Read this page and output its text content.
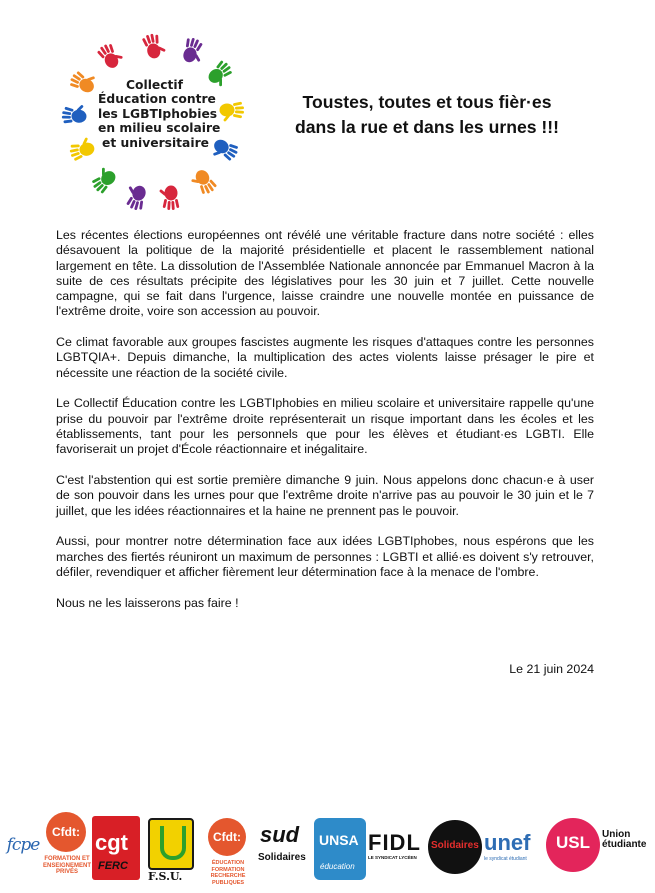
Collectif
Éducation contre
les LGBTIphobies
en milieu scolaire
et universitaire
Toustes, toutes et tous fièr·es
dans la rue et dans les urnes !!!

Les récentes élections européennes ont révélé une véritable fracture dans notre société : elles désavouent la politique de la majorité présidentielle et placent le rassemblement national largement en tête. La dissolution de l'Assemblée Nationale annoncée par Emmanuel Macron à la suite de ces résultats précipite des législatives pour les 30 juin et 7 juillet. Cette nouvelle campagne, qui se fait dans l'urgence, laisse craindre une nouvelle montée en puissance de l'extrême droite, voire son accession au pouvoir.

Ce climat favorable aux groupes fascistes augmente les risques d'attaques contre les personnes LGBTQIA+. Depuis dimanche, la multiplication des actes violents laisse présager le pire et nécessite une réaction de la société civile.

Le Collectif Éducation contre les LGBTIphobies en milieu scolaire et universitaire rappelle qu'une prise du pouvoir par l'extrême droite représenterait un risque important dans les écoles et les établissements, tant pour les personnels que pour les élèves et étudiant·es LGBTI. Elle favoriserait un projet d'École réactionnaire et inégalitaire.

C'est l'abstention qui est sortie première dimanche 9 juin. Nous appelons donc chacun·e à user de son pouvoir dans les urnes pour que l'extrême droite n'arrive pas au pouvoir le 30 juin et le 7 juillet, que les idées réactionnaires et la haine ne prennent pas le pouvoir.

Aussi, pour montrer notre détermination face aux idées LGBTIphobes, nous espérons que les marches des fiertés réuniront un maximum de personnes : LGBTI et allié·es doivent s'y retrouver, défiler, revendiquer et afficher fièrement leur détermination face à la menace de l'ombre.

Nous ne les laisserons pas faire !

Le 21 juin 2024
fcpe
Cfdt:
FORMATION ET
ENSEIGNEMENT
PRIVÉS
cgt
FERC
F.S.U.
Cfdt:
ÉDUCATION FORMATION
RECHERCHE PUBLIQUES
sud
Solidaires
UNSA
éducation
FIDL
LE SYNDICAT LYCÉEN
Solidaires unef
le syndicat étudiant
USL Union
étudiante
